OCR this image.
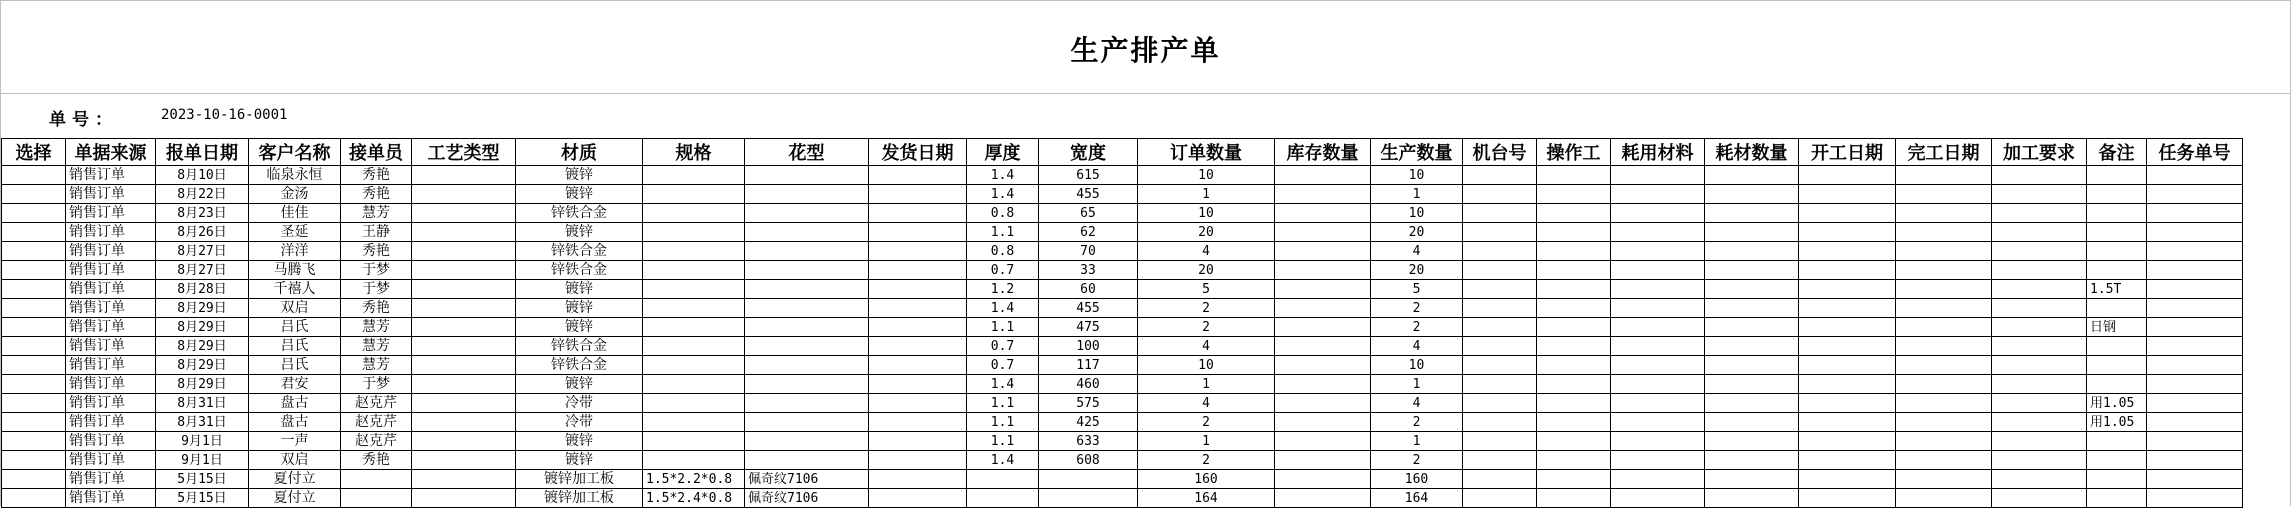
生产排产单
单号：	2023-10-16-0001
选择	单据来源	报单日期	客户名称	接单员	工艺类型	材质	规格	花型	发货日期	厚度	宽度	订单数量	库存数量	生产数量	机台号	操作工	耗用材料	耗材数量	开工日期	完工日期	加工要求	备注	任务单号
	销售订单	8月10日	临泉永恒	秀艳		镀锌				1.4	615	10		10									
	销售订单	8月22日	金汤	秀艳		镀锌				1.4	455	1		1									
	销售订单	8月23日	佳佳	慧芳		锌铁合金				0.8	65	10		10									
	销售订单	8月26日	圣延	王静		镀锌				1.1	62	20		20									
	销售订单	8月27日	洋洋	秀艳		锌铁合金				0.8	70	4		4									
	销售订单	8月27日	马腾飞	于梦		锌铁合金				0.7	33	20		20									
	销售订单	8月28日	千禧人	于梦		镀锌				1.2	60	5		5								1.5T	
	销售订单	8月29日	双启	秀艳		镀锌				1.4	455	2		2									
	销售订单	8月29日	吕氏	慧芳		镀锌				1.1	475	2		2								日钢	
	销售订单	8月29日	吕氏	慧芳		锌铁合金				0.7	100	4		4									
	销售订单	8月29日	吕氏	慧芳		锌铁合金				0.7	117	10		10									
	销售订单	8月29日	君安	于梦		镀锌				1.4	460	1		1									
	销售订单	8月31日	盘古	赵克芹		冷带				1.1	575	4		4								用1.05	
	销售订单	8月31日	盘古	赵克芹		冷带				1.1	425	2		2								用1.05	
	销售订单	9月1日	一声	赵克芹		镀锌				1.1	633	1		1									
	销售订单	9月1日	双启	秀艳		镀锌				1.4	608	2		2									
	销售订单	5月15日	夏付立			镀锌加工板	1.5*2.2*0.8	佩奇纹7106				160		160									
	销售订单	5月15日	夏付立			镀锌加工板	1.5*2.4*0.8	佩奇纹7106				164		164									
